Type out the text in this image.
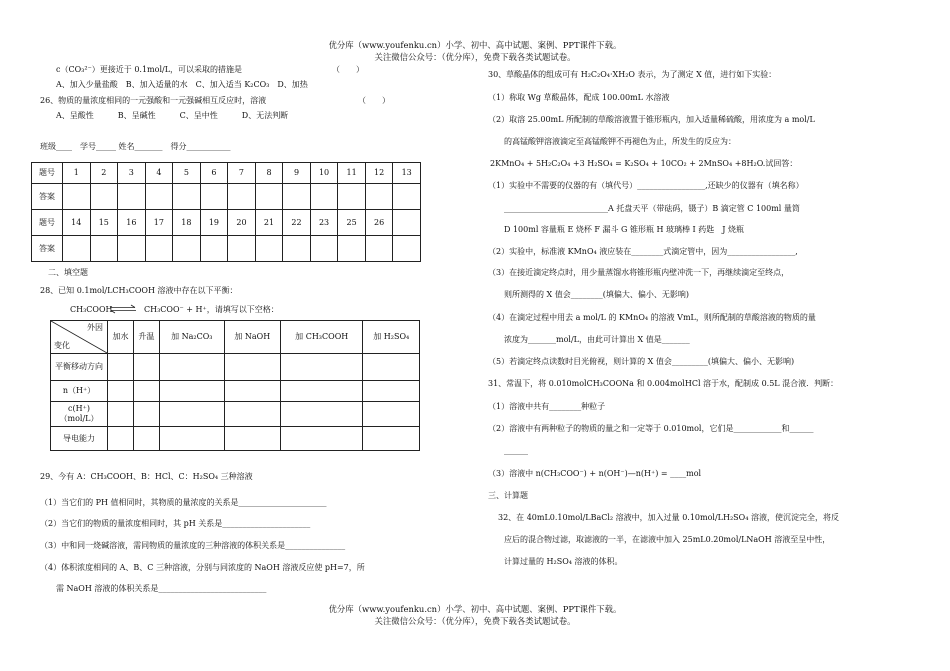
优分库（www.youfenku.cn）小学、初中、高中试题、案例、PPT课件下载。
关注微信公众号：（优分库），免费下载各类试题试卷。
c（CO₃²⁻）更接近于 0.1mol/L，可以采取的措施是	（　　）
A、加入少量盐酸　B、加入适量的水　C、加入适当 K₂CO₃　D、加热
26、物质的量浓度相同的一元强酸和一元强碱相互反应时，溶液	（　　）
A、呈酸性　　　B、呈碱性　　　C、呈中性　　　D、无法判断
班级____　学号_____ 姓名_______　得分___________
题号	1	2	3	4	5	6	7	8	9	10	11	12	13
答案													
题号	14	15	16	17	18	19	20	21	22	23	25	26	
答案													
二、填空题
28、已知 0.1mol/LCH₃COOH 溶液中存在以下平衡：
CH₃COOH ⇌ CH₃COO⁻ + H⁺，请填写以下空格：
外因
变化	加水	升温	加 Na₂CO₃	加 NaOH	加 CH₃COOH	加 H₂SO₄
平衡移动方向						
n（H⁺）						
c(H⁺)（mol/L）						
导电能力						
29、今有 A：CH₃COOH、B：HCl、C：H₂SO₄ 三种溶液
（1）当它们的 PH 值相同时，其物质的量浓度的关系是______________________
（2）当它们的物质的量浓度相同时，其 pH 关系是______________________
（3）中和同一烧碱溶液，需同物质的量浓度的三种溶液的体积关系是_______________
（4）体积浓度相同的 A、B、C 三种溶液，分别与同浓度的 NaOH 溶液反应使 pH=7，所
需 NaOH 溶液的体积关系是___________________________
30、草酸晶体的组成可有 H₂C₂O₄·XH₂O 表示，为了测定 X 值，进行如下实验：
（1）称取 Wg 草酸晶体，配成 100.00mL 水溶液
（2）取溶 25.00mL 所配制的草酸溶液置于锥形瓶内，加入适量稀硫酸，用浓度为 a mol/L
的高锰酸钾溶液滴定至高锰酸钾不再褪色为止，所发生的反应为：
2KMnO₄ + 5H₂C₂O₄ +3 H₂SO₄ = K₂SO₄ + 10CO₂ + 2MnSO₄ +8H₂O.试回答：
（1）实验中不需要的仪器的有（填代号）_________________,还缺少的仪器有（填名称）
__________________________A 托盘天平（带砝码，镊子）B 滴定管 C 100ml 量筒
D 100ml 容量瓶 E 烧杯 F 漏斗 G 锥形瓶 H 玻璃棒 I 药匙　J 烧瓶
（2）实验中，标准液 KMnO₄ 液应装在________式滴定管中，因为_________________,
（3）在接近滴定终点时，用少量蒸馏水将锥形瓶内壁冲洗一下，再继续滴定至终点，
则所测得的 X 值会________(填偏大、偏小、无影响)
（4）在滴定过程中用去 a mol/L 的 KMnO₄ 的溶液 VmL，则所配制的草酸溶液的物质的量
浓度为_______mol/L，由此可计算出 X 值是_______
（5）若滴定终点读数时目光俯视，则计算的 X 值会_________(填偏大、偏小、无影响)
31、常温下，将 0.010molCH₃COONa 和 0.004molHCl 溶于水，配制成 0.5L 混合液．判断：
（1）溶液中共有________种粒子
（2）溶液中有两种粒子的物质的量之和一定等于 0.010mol，它们是____________和______
______
（3）溶液中 n(CH₃COO⁻) + n(OH⁻)—n(H⁺) = ____mol
三、计算题
32、在 40mL0.10mol/LBaCl₂ 溶液中，加入过量 0.10mol/LH₂SO₄ 溶液，使沉淀完全，将反
应后的混合物过滤，取滤液的一半，在滤液中加入 25mL0.20mol/LNaOH 溶液至呈中性，
计算过量的 H₂SO₄ 溶液的体积。
优分库（www.youfenku.cn）小学、初中、高中试题、案例、PPT课件下载。
关注微信公众号：（优分库），免费下载各类试题试卷。
